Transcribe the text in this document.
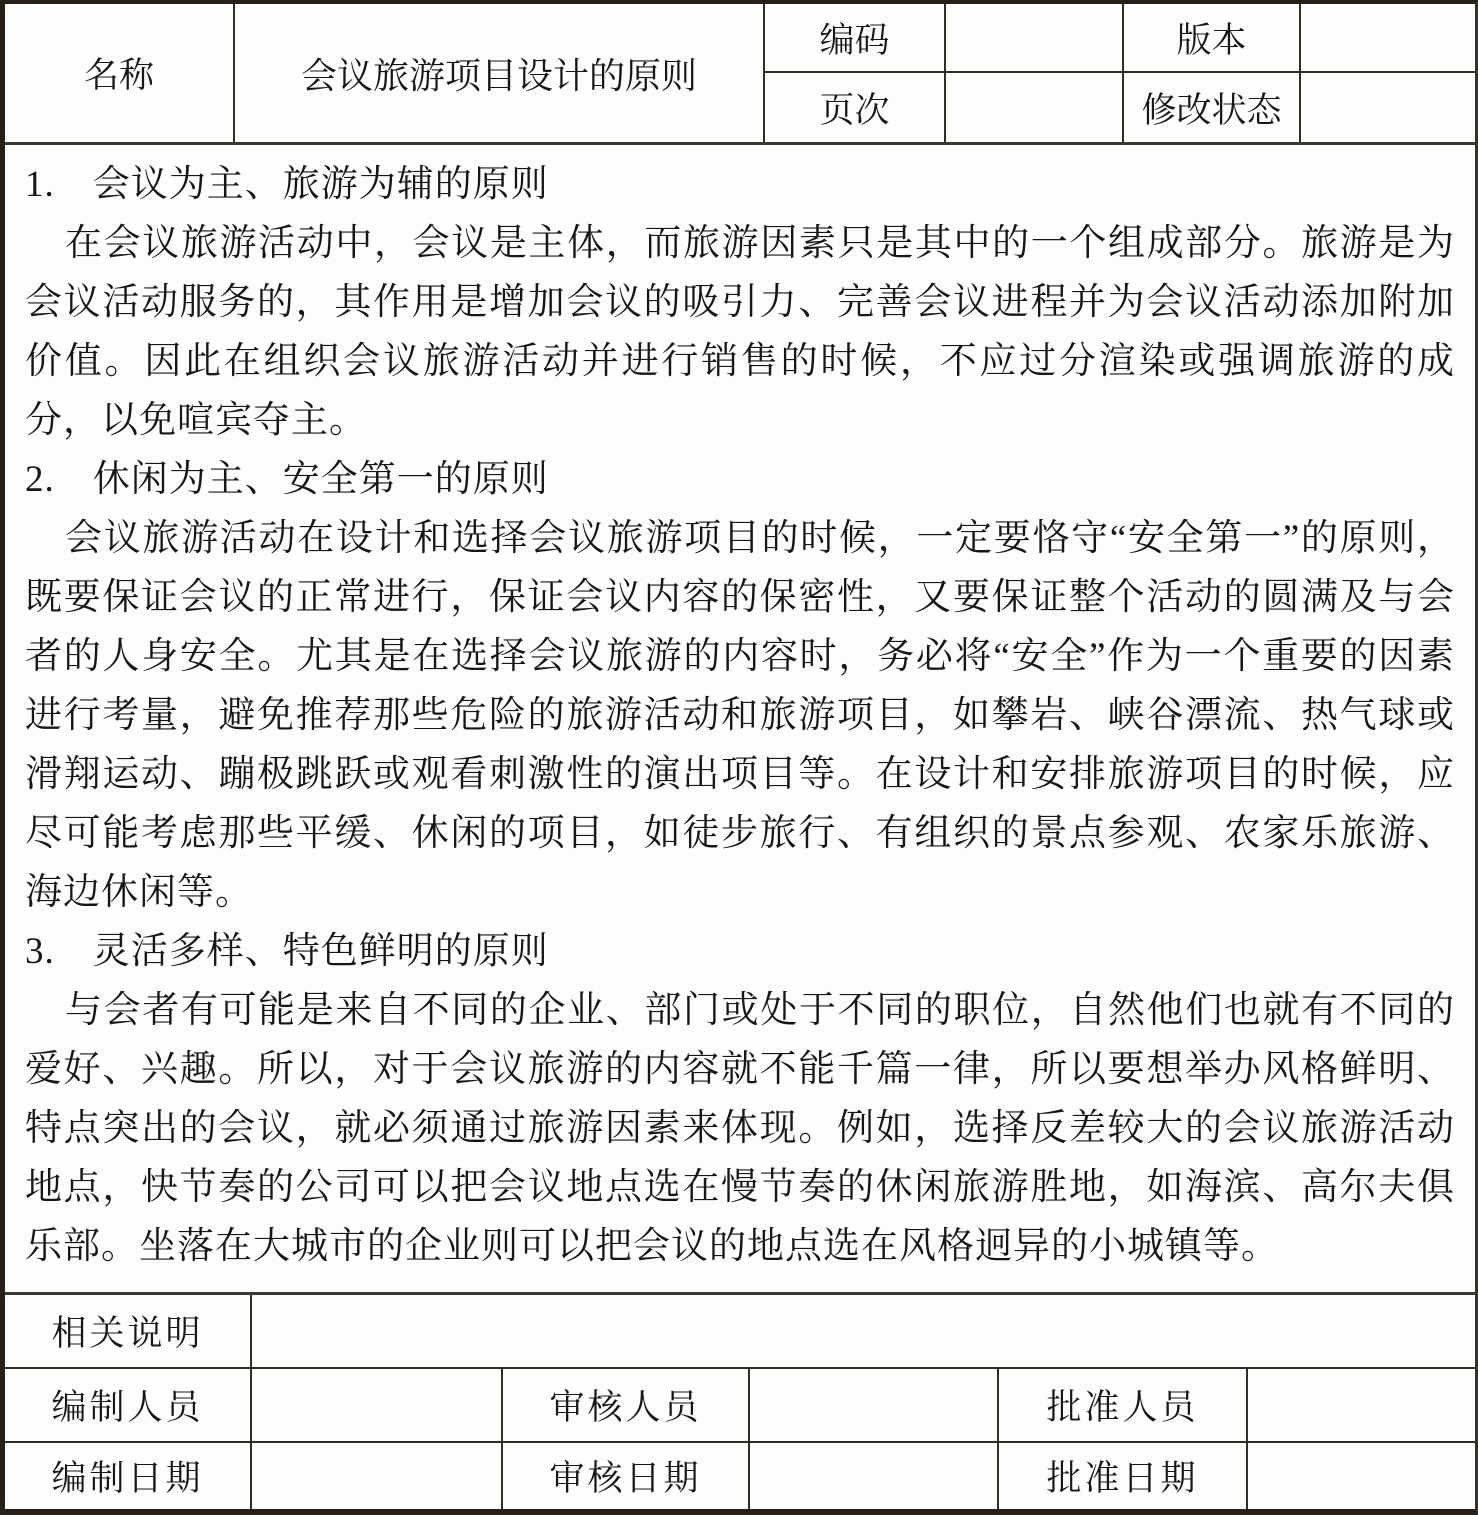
名称	会议旅游项目设计的原则
编码	版本
页次	修改状态

1.　会议为主、旅游为辅的原则

在会议旅游活动中，会议是主体，而旅游因素只是其中的一个组成部分。旅游是为会议活动服务的，其作用是增加会议的吸引力、完善会议进程并为会议活动添加附加价值。因此在组织会议旅游活动并进行销售的时候，不应过分渲染或强调旅游的成分，以免喧宾夺主。

2.　休闲为主、安全第一的原则

会议旅游活动在设计和选择会议旅游项目的时候，一定要恪守“安全第一”的原则，既要保证会议的正常进行，保证会议内容的保密性，又要保证整个活动的圆满及与会者的人身安全。尤其是在选择会议旅游的内容时，务必将“安全”作为一个重要的因素进行考量，避免推荐那些危险的旅游活动和旅游项目，如攀岩、峡谷漂流、热气球或滑翔运动、蹦极跳跃或观看刺激性的演出项目等。在设计和安排旅游项目的时候，应尽可能考虑那些平缓、休闲的项目，如徒步旅行、有组织的景点参观、农家乐旅游、海边休闲等。

3.　灵活多样、特色鲜明的原则

与会者有可能是来自不同的企业、部门或处于不同的职位，自然他们也就有不同的爱好、兴趣。所以，对于会议旅游的内容就不能千篇一律，所以要想举办风格鲜明、特点突出的会议，就必须通过旅游因素来体现。例如，选择反差较大的会议旅游活动地点，快节奏的公司可以把会议地点选在慢节奏的休闲旅游胜地，如海滨、高尔夫俱乐部。坐落在大城市的企业则可以把会议的地点选在风格迥异的小城镇等。

相关说明
编制人员	审核人员	批准人员
编制日期	审核日期	批准日期
